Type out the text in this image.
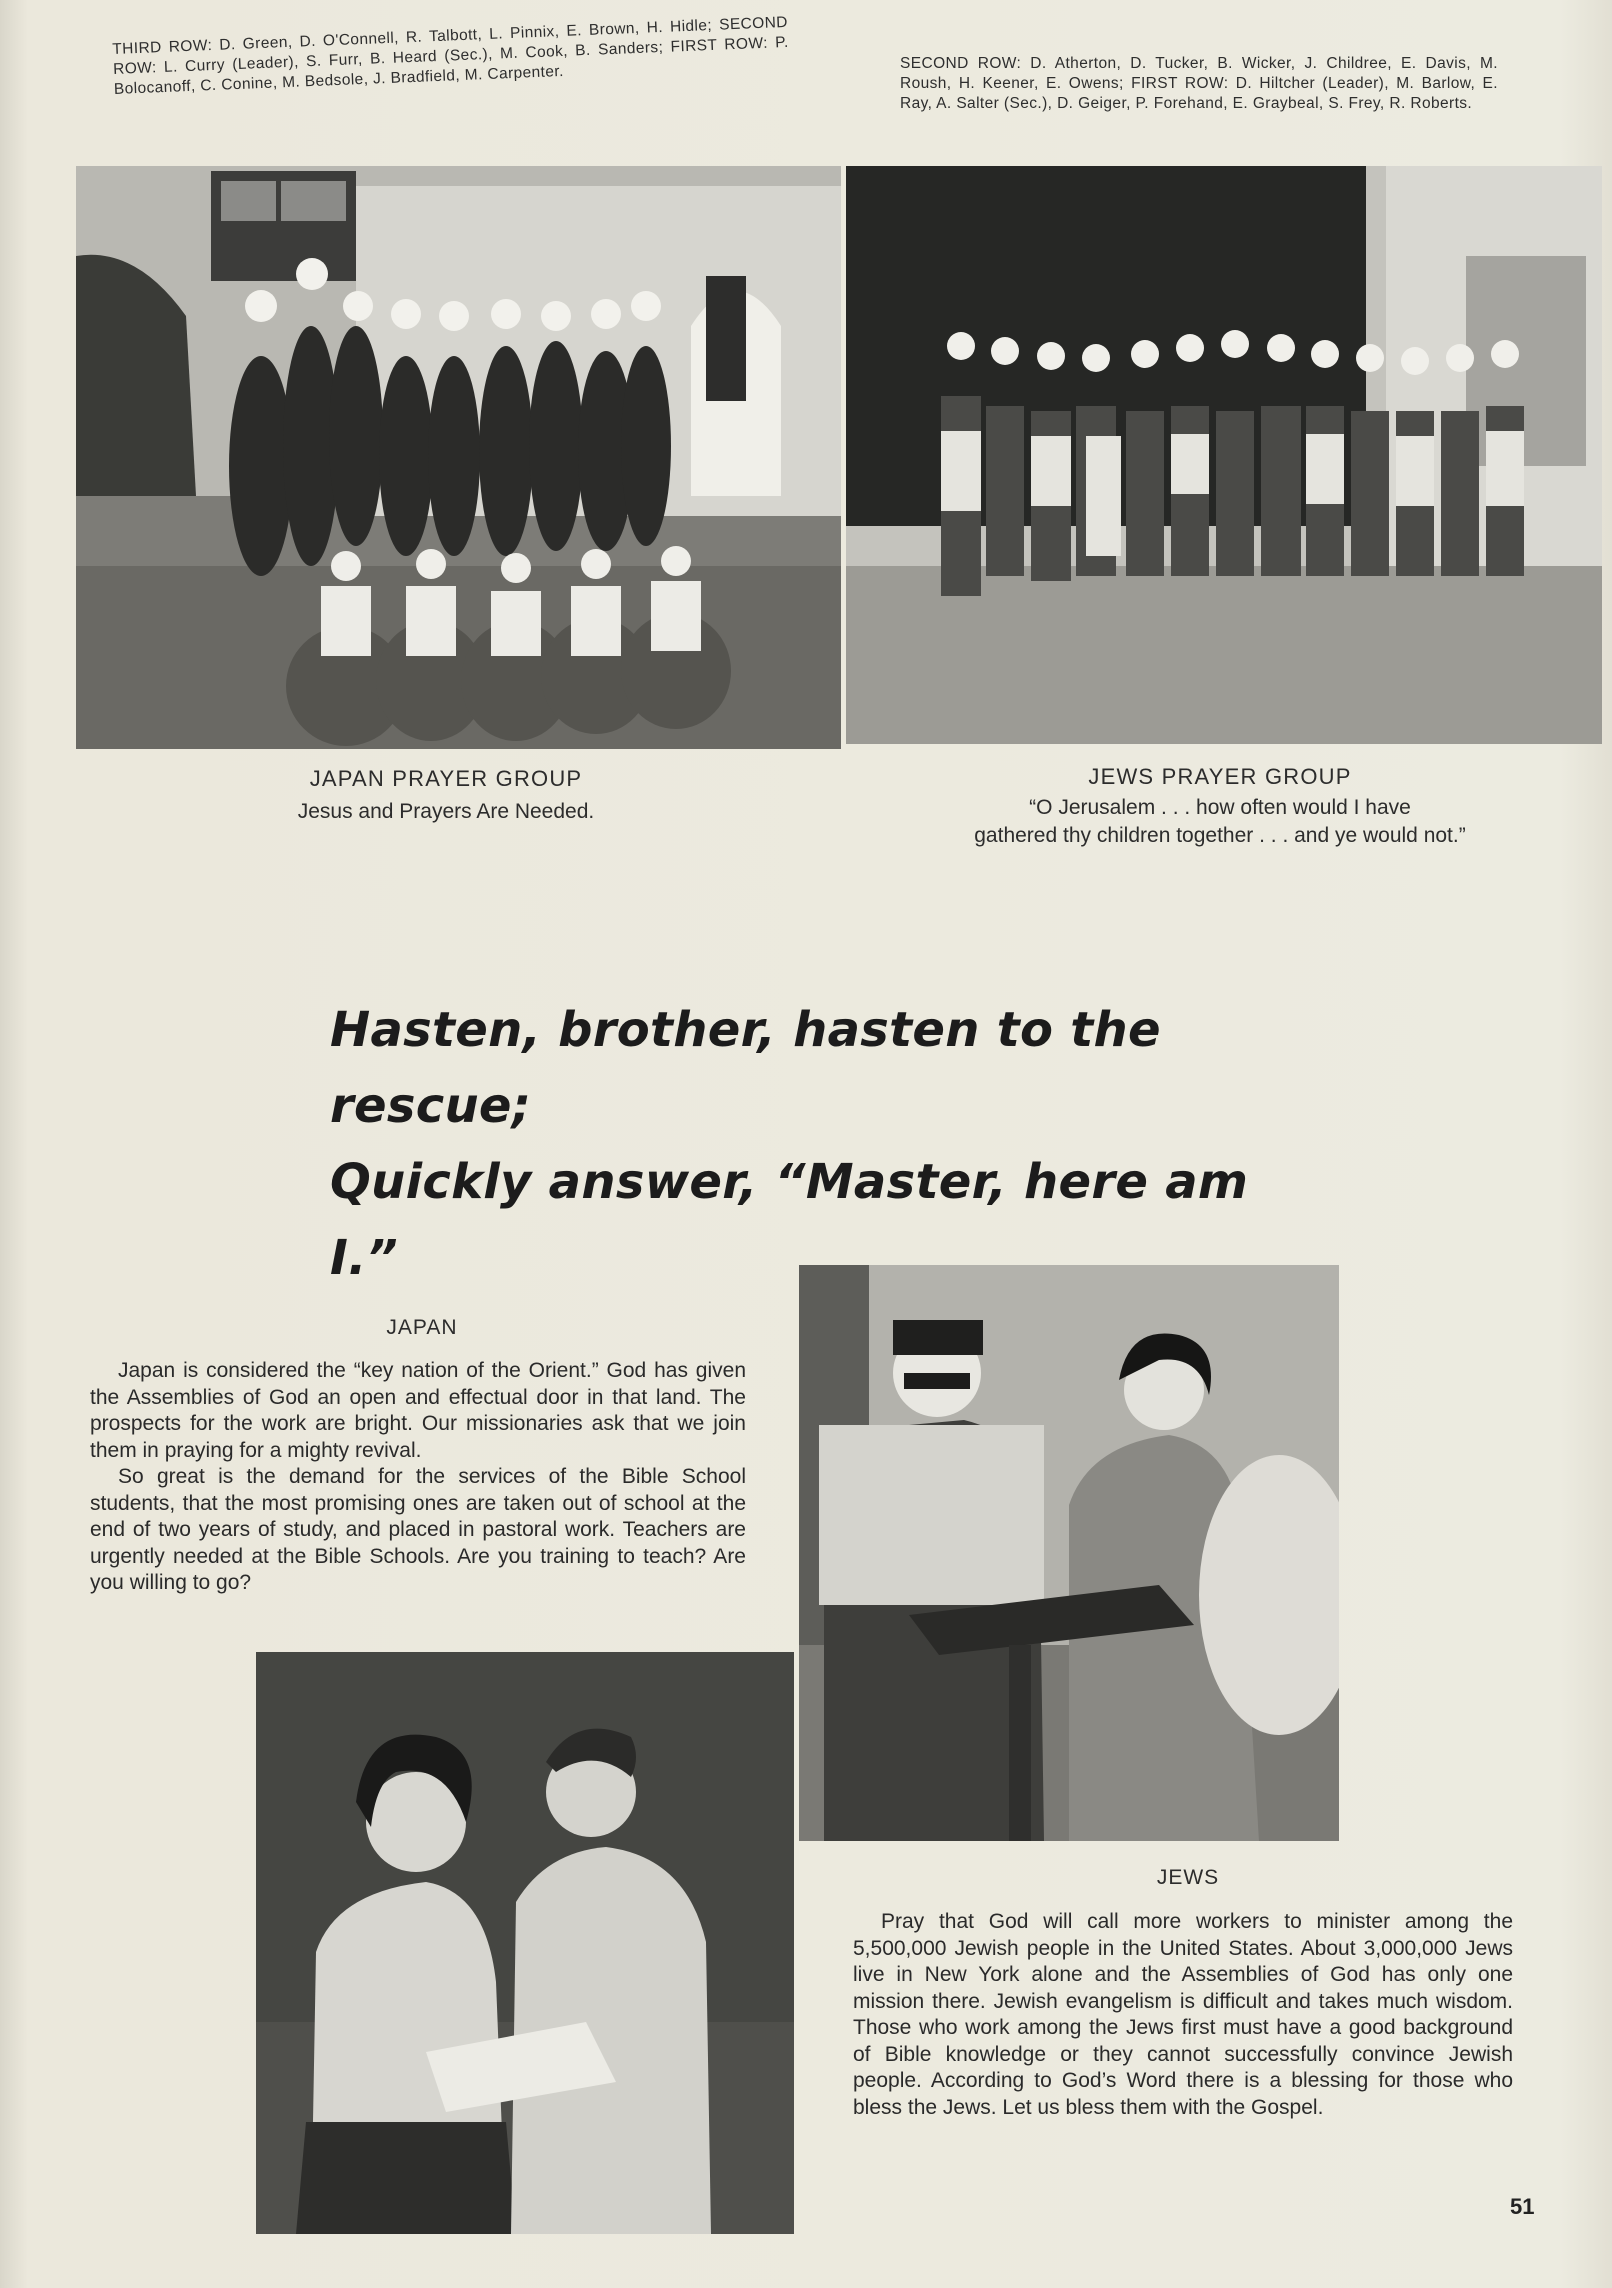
THIRD ROW: D. Green, D. O'Connell, R. Talbott, L. Pinnix, E. Brown, H. Hidle; SECOND ROW: L. Curry (Leader), S. Furr, B. Heard (Sec.), M. Cook, B. Sanders; FIRST ROW: P. Bolocanoff, C. Conine, M. Bedsole, J. Bradfield, M. Carpenter.	SECOND ROW: D. Atherton, D. Tucker, B. Wicker, J. Childree, E. Davis, M. Roush, H. Keener, E. Owens; FIRST ROW: D. Hiltcher (Leader), M. Barlow, E. Ray, A. Salter (Sec.), D. Geiger, P. Forehand, E. Graybeal, S. Frey, R. Roberts.
JAPAN PRAYER GROUP
Jesus and Prayers Are Needed.
JEWS PRAYER GROUP
“O Jerusalem . . . how often would I have
gathered thy children together . . . and ye would not.”
Hasten, brother, hasten to the rescue;
Quickly answer, “Master, here am I.”
JAPAN

Japan is considered the “key nation of the Orient.” God has given the Assemblies of God an open and effectual door in that land. The prospects for the work are bright. Our missionaries ask that we join them in praying for a mighty revival.

So great is the demand for the services of the Bible School students, that the most promising ones are taken out of school at the end of two years of study, and placed in pastoral work. Teachers are urgently needed at the Bible Schools. Are you training to teach? Are you willing to go?

JEWS

Pray that God will call more workers to minister among the 5,500,000 Jewish people in the United States. About 3,000,000 Jews live in New York alone and the Assemblies of God has only one mission there. Jewish evangelism is difficult and takes much wisdom. Those who work among the Jews first must have a good background of Bible knowledge or they cannot successfully convince Jewish people. According to God’s Word there is a blessing for those who bless the Jews. Let us bless them with the Gospel.

51
